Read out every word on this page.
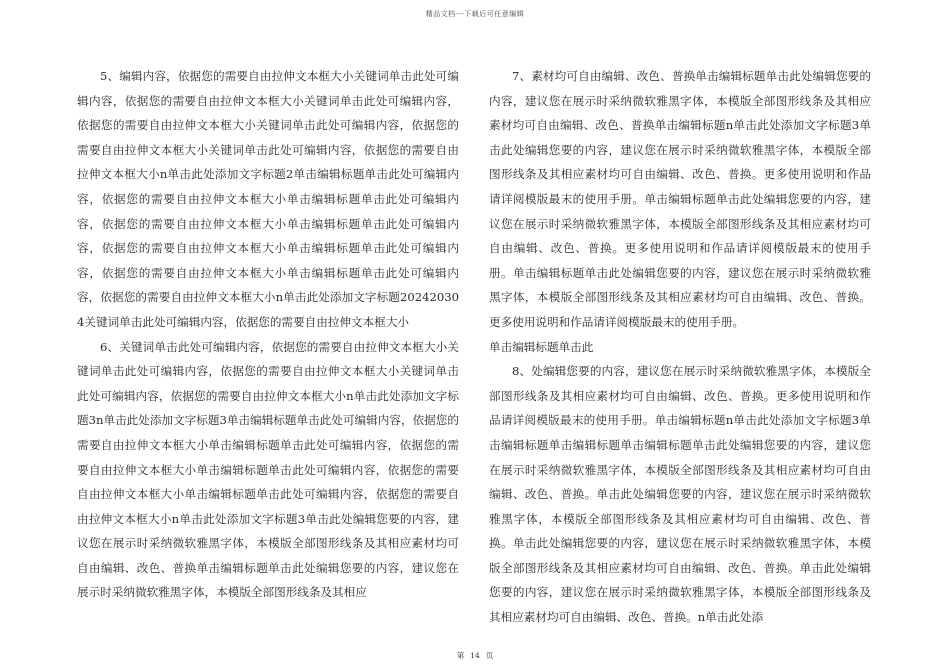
精品文档---下载后可任意编辑

5、编辑内容，依据您的需要自由拉伸文本框大小关键词单击此处可编辑内容，依据您的需要自由拉伸文本框大小关键词单击此处可编辑内容，依据您的需要自由拉伸文本框大小关键词单击此处可编辑内容，依据您的需要自由拉伸文本框大小关键词单击此处可编辑内容，依据您的需要自由拉伸文本框大小n单击此处添加文字标题2单击编辑标题单击此处可编辑内容，依据您的需要自由拉伸文本框大小单击编辑标题单击此处可编辑内容，依据您的需要自由拉伸文本框大小单击编辑标题单击此处可编辑内容，依据您的需要自由拉伸文本框大小单击编辑标题单击此处可编辑内容，依据您的需要自由拉伸文本框大小单击编辑标题单击此处可编辑内容，依据您的需要自由拉伸文本框大小n单击此处添加文字标题202420304关键词单击此处可编辑内容，依据您的需要自由拉伸文本框大小

6、关键词单击此处可编辑内容，依据您的需要自由拉伸文本框大小关键词单击此处可编辑内容，依据您的需要自由拉伸文本框大小关键词单击此处可编辑内容，依据您的需要自由拉伸文本框大小n单击此处添加文字标题3n单击此处添加文字标题3单击编辑标题单击此处可编辑内容，依据您的需要自由拉伸文本框大小单击编辑标题单击此处可编辑内容，依据您的需要自由拉伸文本框大小单击编辑标题单击此处可编辑内容，依据您的需要自由拉伸文本框大小单击编辑标题单击此处可编辑内容，依据您的需要自由拉伸文本框大小n单击此处添加文字标题3单击此处编辑您要的内容，建议您在展示时采纳微软雅黑字体，本模版全部图形线条及其相应素材均可自由编辑、改色、普换单击编辑标题单击此处编辑您要的内容，建议您在展示时采纳微软雅黑字体，本模版全部图形线条及其相应

7、素材均可自由编辑、改色、普换单击编辑标题单击此处编辑您要的内容，建议您在展示时采纳微软雅黑字体，本模版全部图形线条及其相应素材均可自由编辑、改色、普换单击编辑标题n单击此处添加文字标题3单击此处编辑您要的内容，建议您在展示时采纳微软雅黑字体，本模版全部图形线条及其相应素材均可自由编辑、改色、普换。更多使用说明和作品请详阅模版最末的使用手册。单击编辑标题单击此处编辑您要的内容，建议您在展示时采纳微软雅黑字体，本模版全部图形线条及其相应素材均可自由编辑、改色、普换。更多使用说明和作品请详阅模版最末的使用手册。单击编辑标题单击此处编辑您要的内容，建议您在展示时采纳微软雅黑字体，本模版全部图形线条及其相应素材均可自由编辑、改色、普换。更多使用说明和作品请详阅模版最末的使用手册。

单击编辑标题单击此

8、处编辑您要的内容，建议您在展示时采纳微软雅黑字体，本模版全部图形线条及其相应素材均可自由编辑、改色、普换。更多使用说明和作品请详阅模版最末的使用手册。单击编辑标题n单击此处添加文字标题3单击编辑标题单击编辑标题单击编辑标题单击此处编辑您要的内容，建议您在展示时采纳微软雅黑字体，本模版全部图形线条及其相应素材均可自由编辑、改色、普换。单击此处编辑您要的内容，建议您在展示时采纳微软雅黑字体，本模版全部图形线条及其相应素材均可自由编辑、改色、普换。单击此处编辑您要的内容，建议您在展示时采纳微软雅黑字体，本模版全部图形线条及其相应素材均可自由编辑、改色、普换。单击此处编辑您要的内容，建议您在展示时采纳微软雅黑字体，本模版全部图形线条及其相应素材均可自由编辑、改色、普换。n单击此处添

第 14 页
